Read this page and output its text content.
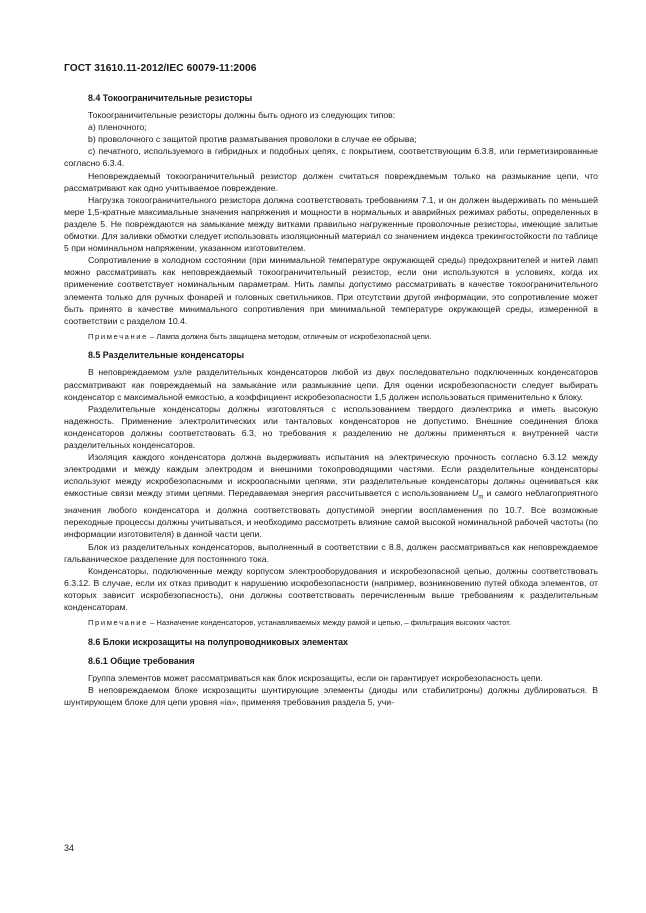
ГОСТ 31610.11-2012/IEC 60079-11:2006
8.4 Токоограничительные резисторы

Токоограничительные резисторы должны быть одного из следующих типов:

a) пленочного;
b) проволочного с защитой против разматывания проволоки в случае ее обрыва;

c) печатного, используемого в гибридных и подобных цепях, с покрытием, соответствующим 6.3.8, или герметизированные согласно 6.3.4.

Неповреждаемый токоограничительный резистор должен считаться повреждаемым только на размыкание цепи, что рассматривают как одно учитываемое повреждение.

Нагрузка токоограничительного резистора должна соответствовать требованиям 7.1, и он должен выдерживать по меньшей мере 1,5-кратные максимальные значения напряжения и мощности в нормальных и аварийных режимах работы, определенных в разделе 5. Не повреждаются на замыкание между витками правильно нагруженные проволочные резисторы, имеющие залитые обмотки. Для заливки обмотки следует использовать изоляционный материал со значением индекса трекингостойкости по таблице 5 при номинальном напряжении, указанном изготовителем.

Сопротивление в холодном состоянии (при минимальной температуре окружающей среды) предохранителей и нитей ламп можно рассматривать как неповреждаемый токоограничительный резистор, если они используются в условиях, когда их применение соответствует номинальным параметрам. Нить лампы допустимо рассматривать в качестве токоограничительного элемента только для ручных фонарей и головных светильников. При отсутствии другой информации, это сопротивление может быть принято в качестве минимального сопротивления при минимальной температуре окружающей среды, измеренной в соответствии с разделом 10.4.

Примечание – Лампа должна быть защищена методом, отличным от искробезопасной цепи.
8.5 Разделительные конденсаторы

В неповреждаемом узле разделительных конденсаторов любой из двух последовательно подключенных конденсаторов рассматривают как повреждаемый на замыкание или размыкание цепи. Для оценки искробезопасности следует выбирать конденсатор с максимальной емкостью, а коэффициент искробезопасности 1,5 должен использоваться применительно к блоку.

Разделительные конденсаторы должны изготовляться с использованием твердого диэлектрика и иметь высокую надежность. Применение электролитических или танталовых конденсаторов не допустимо. Внешние соединения блока конденсаторов должны соответствовать 6.3, но требования к разделению не должны применяться к внутренней части разделительных конденсаторов.

Изоляция каждого конденсатора должна выдерживать испытания на электрическую прочность согласно 6.3.12 между электродами и между каждым электродом и внешними токопроводящими частями. Если разделительные конденсаторы используют между искробезопасными и искроопасными цепями, эти разделительные конденсаторы должны оцениваться как емкостные связи между этими цепями. Передаваемая энергия рассчитывается с использованием $U_m$ и самого неблагоприятного значения любого конденсатора и должна соответствовать допустимой энергии воспламенения по 10.7. Все возможные переходные процессы должны учитываться, и необходимо рассмотреть влияние самой высокой номинальной рабочей частоты (по информации изготовителя) в данной части цепи.

Блок из разделительных конденсаторов, выполненный в соответствии с 8.8, должен рассматриваться как неповреждаемое гальваническое разделение для постоянного тока.

Конденсаторы, подключенные между корпусом электрооборудования и искробезопасной цепью, должны соответствовать 6.3.12. В случае, если их отказ приводит к нарушению искробезопасности (например, возникновению путей обхода элементов, от которых зависит искробезопасность), они должны соответствовать перечисленным выше требованиям к разделительным конденсаторам.

Примечание – Назначение конденсаторов, устанавливаемых между рамой и цепью, – фильтрация высоких частот.
8.6 Блоки искрозащиты на полупроводниковых элементах
8.6.1 Общие требования

Группа элементов может рассматриваться как блок искрозащиты, если он гарантирует искробезопасность цепи.

В неповреждаемом блоке искрозащиты шунтирующие элементы (диоды или стабилитроны) должны дублироваться. В шунтирующем блоке для цепи уровня «ia», применяя требования раздела 5, учи-

34
